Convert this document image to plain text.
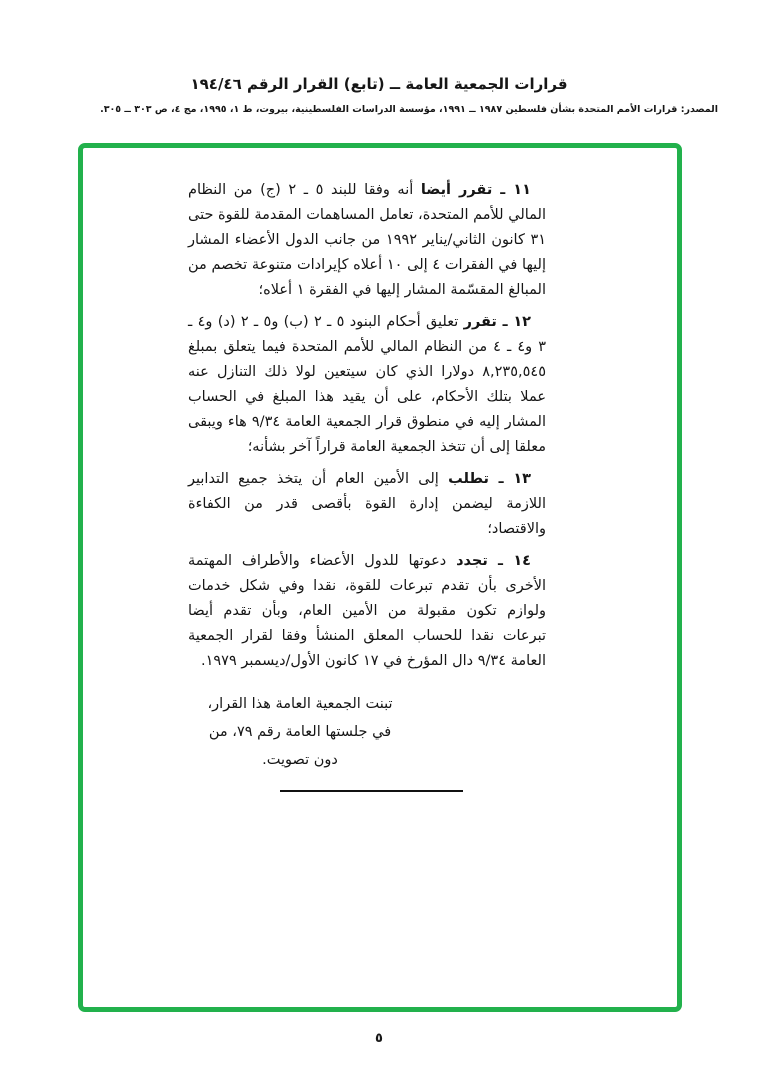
قرارات الجمعية العامة ــ (تابع) القرار الرقم ١٩٤/٤٦
المصدر: قرارات الأمم المتحدة بشأن فلسطين ١٩٨٧ ــ ١٩٩١، مؤسسة الدراسات الفلسطينية، بيروت، ط ١، ١٩٩٥، مج ٤، ص ٣٠٣ ــ ٣٠٥.

١١ ـ تقرر أيضا أنه وفقا للبند ٥ ـ ٢ (ج) من النظام المالي للأمم المتحدة، تعامل المساهمات المقدمة للقوة حتى ٣١ كانون الثاني/يناير ١٩٩٢ من جانب الدول الأعضاء المشار إليها في الفقرات ٤ إلى ١٠ أعلاه كإيرادات متنوعة تخصم من المبالغ المقسّمة المشار إليها في الفقرة ١ أعلاه؛

١٢ ـ تقرر تعليق أحكام البنود ٥ ـ ٢ (ب) و٥ ـ ٢ (د) و٤ ـ ٣ و٤ ـ ٤ من النظام المالي للأمم المتحدة فيما يتعلق بمبلغ ٨,٢٣٥,٥٤٥ دولارا الذي كان سيتعين لولا ذلك التنازل عنه عملا بتلك الأحكام، على أن يقيد هذا المبلغ في الحساب المشار إليه في منطوق قرار الجمعية العامة ٩/٣٤ هاء ويبقى معلقا إلى أن تتخذ الجمعية العامة قراراً آخر بشأنه؛

١٣ ـ تطلب إلى الأمين العام أن يتخذ جميع التدابير اللازمة ليضمن إدارة القوة بأقصى قدر من الكفاءة والاقتصاد؛

١٤ ـ تجدد دعوتها للدول الأعضاء والأطراف المهتمة الأخرى بأن تقدم تبرعات للقوة، نقدا وفي شكل خدمات ولوازم تكون مقبولة من الأمين العام، وبأن تقدم أيضا تبرعات نقدا للحساب المعلق المنشأ وفقا لقرار الجمعية العامة ٩/٣٤ دال المؤرخ في ١٧ كانون الأول/ديسمبر ١٩٧٩.

تبنت الجمعية العامة هذا القرار،
في جلستها العامة رقم ٧٩، من
دون تصويت.
٥
